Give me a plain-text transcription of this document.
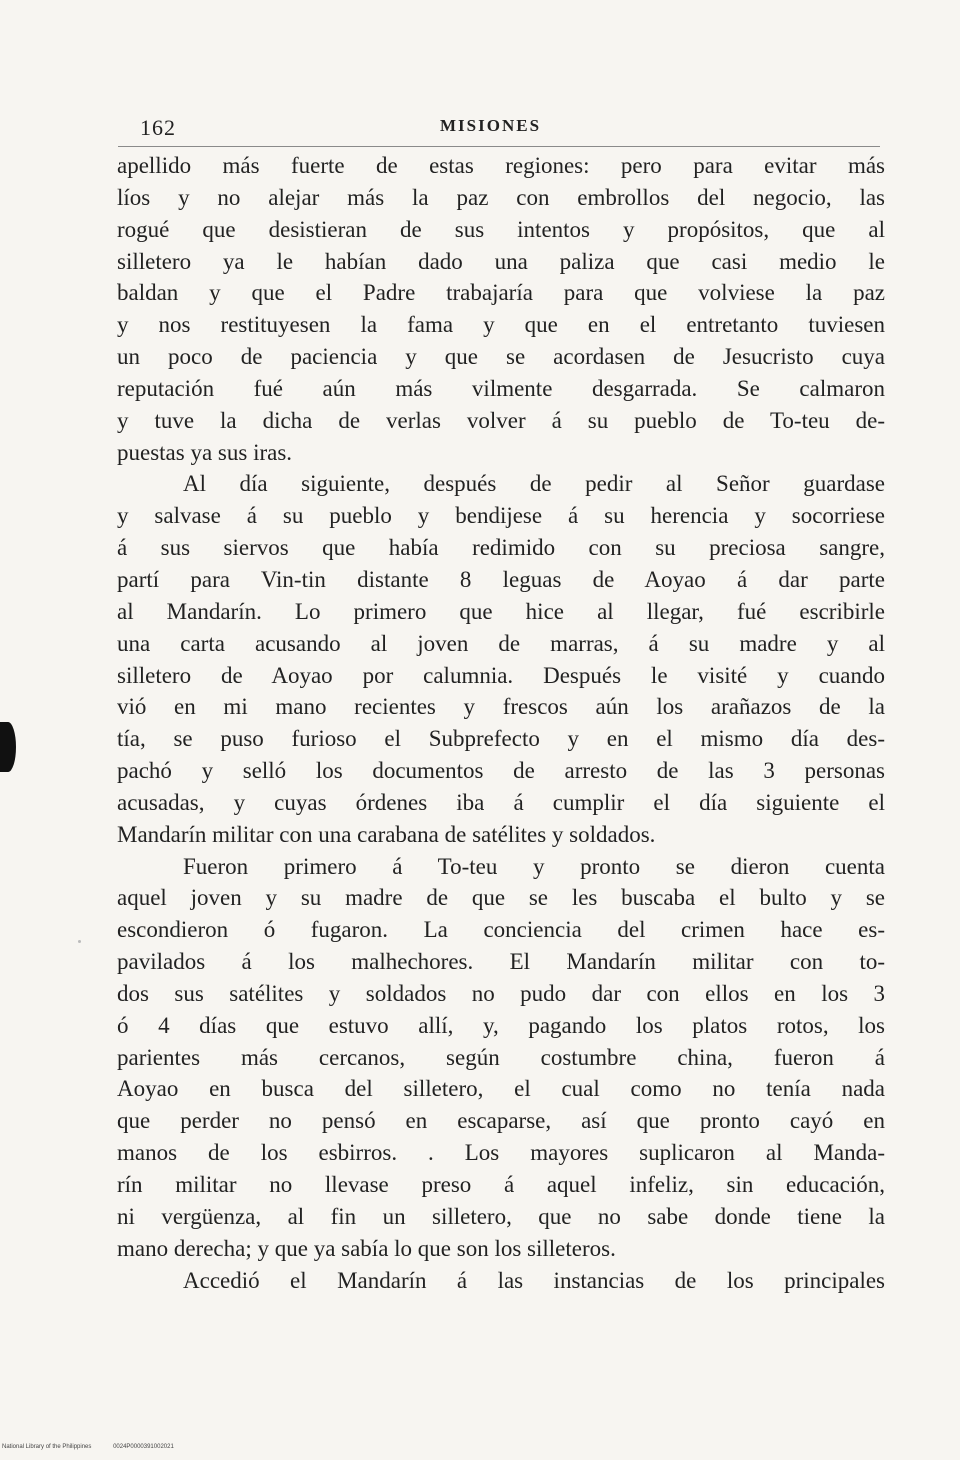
162	MISIONES
apellido más fuerte de estas regiones: pero para evitar más
líos y no alejar más la paz con embrollos del negocio, las
rogué que desistieran de sus intentos y propósitos, que al
silletero ya le habían dado una paliza que casi medio le
baldan y que el Padre trabajaría para que volviese la paz
y nos restituyesen la fama y que en el entretanto tuviesen
un poco de paciencia y que se acordasen de Jesucristo cuya
reputación fué aún más vilmente desgarrada. Se calmaron
y tuve la dicha de verlas volver á su pueblo de To-teu de-
puestas ya sus iras.
Al día siguiente, después de pedir al Señor guardase
y salvase á su pueblo y bendijese á su herencia y socorriese
á sus siervos que había redimido con su preciosa sangre,
partí para Vin-tin distante 8 leguas de Aoyao á dar parte
al Mandarín. Lo primero que hice al llegar, fué escribirle
una carta acusando al joven de marras, á su madre y al
silletero de Aoyao por calumnia. Después le visité y cuando
vió en mi mano recientes y frescos aún los arañazos de la
tía, se puso furioso el Subprefecto y en el mismo día des-
pachó y selló los documentos de arresto de las 3 personas
acusadas, y cuyas órdenes iba á cumplir el día siguiente el
Mandarín militar con una carabana de satélites y soldados.
Fueron primero á To-teu y pronto se dieron cuenta
aquel joven y su madre de que se les buscaba el bulto y se
escondieron ó fugaron. La conciencia del crimen hace es-
pavilados á los malhechores. El Mandarín militar con to-
dos sus satélites y soldados no pudo dar con ellos en los 3
ó 4 días que estuvo allí, y, pagando los platos rotos, los
parientes más cercanos, según costumbre china, fueron á
Aoyao en busca del silletero, el cual como no tenía nada
que perder no pensó en escaparse, así que pronto cayó en
manos de los esbirros. . Los mayores suplicaron al Manda-
rín militar no llevase preso á aquel infeliz, sin educación,
ni vergüenza, al fin un silletero, que no sabe donde tiene la
mano derecha; y que ya sabía lo que son los silleteros.
Accedió el Mandarín á las instancias de los principales
National Library of the Philippines	0024P0000391002021
